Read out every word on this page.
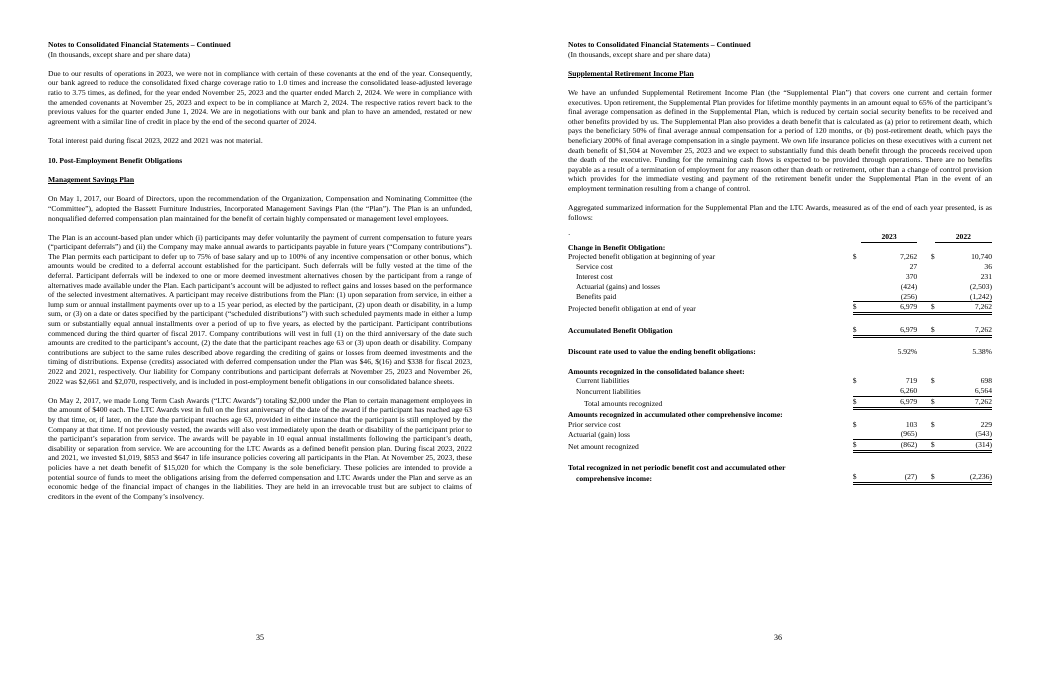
Notes to Consolidated Financial Statements – Continued
(In thousands, except share and per share data)

Due to our results of operations in 2023, we were not in compliance with certain of these covenants at the end of the year. Consequently, our bank agreed to reduce the consolidated fixed charge coverage ratio to 1.0 times and increase the consolidated lease-adjusted leverage ratio to 3.75 times, as defined, for the year ended November 25, 2023 and the quarter ended March 2, 2024. We were in compliance with the amended covenants at November 25, 2023 and expect to be in compliance at March 2, 2024. The respective ratios revert back to the previous values for the quarter ended June 1, 2024. We are in negotiations with our bank and plan to have an amended, restated or new agreement with a similar line of credit in place by the end of the second quarter of 2024.

Total interest paid during fiscal 2023, 2022 and 2021 was not material.

10. Post-Employment Benefit Obligations
Management Savings Plan

On May 1, 2017, our Board of Directors, upon the recommendation of the Organization, Compensation and Nominating Committee (the “Committee”), adopted the Bassett Furniture Industries, Incorporated Management Savings Plan (the “Plan”). The Plan is an unfunded, nonqualified deferred compensation plan maintained for the benefit of certain highly compensated or management level employees.

The Plan is an account-based plan under which (i) participants may defer voluntarily the payment of current compensation to future years (“participant deferrals”) and (ii) the Company may make annual awards to participants payable in future years (“Company contributions”). The Plan permits each participant to defer up to 75% of base salary and up to 100% of any incentive compensation or other bonus, which amounts would be credited to a deferral account established for the participant. Such deferrals will be fully vested at the time of the deferral. Participant deferrals will be indexed to one or more deemed investment alternatives chosen by the participant from a range of alternatives made available under the Plan. Each participant’s account will be adjusted to reflect gains and losses based on the performance of the selected investment alternatives. A participant may receive distributions from the Plan: (1) upon separation from service, in either a lump sum or annual installment payments over up to a 15 year period, as elected by the participant, (2) upon death or disability, in a lump sum, or (3) on a date or dates specified by the participant (“scheduled distributions”) with such scheduled payments made in either a lump sum or substantially equal annual installments over a period of up to five years, as elected by the participant. Participant contributions commenced during the third quarter of fiscal 2017. Company contributions will vest in full (1) on the third anniversary of the date such amounts are credited to the participant’s account, (2) the date that the participant reaches age 63 or (3) upon death or disability. Company contributions are subject to the same rules described above regarding the crediting of gains or losses from deemed investments and the timing of distributions. Expense (credits) associated with deferred compensation under the Plan was $46, $(16) and $338 for fiscal 2023, 2022 and 2021, respectively. Our liability for Company contributions and participant deferrals at November 25, 2023 and November 26, 2022 was $2,661 and $2,070, respectively, and is included in post-employment benefit obligations in our consolidated balance sheets.

On May 2, 2017, we made Long Term Cash Awards (“LTC Awards”) totaling $2,000 under the Plan to certain management employees in the amount of $400 each. The LTC Awards vest in full on the first anniversary of the date of the award if the participant has reached age 63 by that time, or, if later, on the date the participant reaches age 63, provided in either instance that the participant is still employed by the Company at that time. If not previously vested, the awards will also vest immediately upon the death or disability of the participant prior to the participant’s separation from service. The awards will be payable in 10 equal annual installments following the participant’s death, disability or separation from service. We are accounting for the LTC Awards as a defined benefit pension plan. During fiscal 2023, 2022 and 2021, we invested $1,019, $853 and $647 in life insurance policies covering all participants in the Plan. At November 25, 2023, these policies have a net death benefit of $15,020 for which the Company is the sole beneficiary. These policies are intended to provide a potential source of funds to meet the obligations arising from the deferred compensation and LTC Awards under the Plan and serve as an economic hedge of the financial impact of changes in the liabilities. They are held in an irrevocable trust but are subject to claims of creditors in the event of the Company’s insolvency.

35
Notes to Consolidated Financial Statements – Continued
(In thousands, except share and per share data)
Supplemental Retirement Income Plan

We have an unfunded Supplemental Retirement Income Plan (the “Supplemental Plan”) that covers one current and certain former executives. Upon retirement, the Supplemental Plan provides for lifetime monthly payments in an amount equal to 65% of the participant’s final average compensation as defined in the Supplemental Plan, which is reduced by certain social security benefits to be received and other benefits provided by us. The Supplemental Plan also provides a death benefit that is calculated as (a) prior to retirement death, which pays the beneficiary 50% of final average annual compensation for a period of 120 months, or (b) post-retirement death, which pays the beneficiary 200% of final average compensation in a single payment. We own life insurance policies on these executives with a current net death benefit of $1,504 at November 25, 2023 and we expect to substantially fund this death benefit through the proceeds received upon the death of the executive. Funding for the remaining cash flows is expected to be provided through operations. There are no benefits payable as a result of a termination of employment for any reason other than death or retirement, other than a change of control provision which provides for the immediate vesting and payment of the retirement benefit under the Supplemental Plan in the event of an employment termination resulting from a change of control.

Aggregated summarized information for the Supplemental Plan and the LTC Awards, measured as of the end of each year presented, is as follows:

`		2023		2022
Change in Benefit Obligation:				
Projected benefit obligation at beginning of year	$	7,262	$	10,740
Service cost		27		36
Interest cost		370		231
Actuarial (gains) and losses		(424)		(2,503)
Benefits paid		(256)		(1,242)
Projected benefit obligation at end of year	$	6,979	$	7,262

Accumulated Benefit Obligation	$	6,979	$	7,262

Discount rate used to value the ending benefit obligations:		5.92%		5.38%

Amounts recognized in the consolidated balance sheet:				
Current liabilities	$	719	$	698
Noncurrent liabilities		6,260		6,564
Total amounts recognized	$	6,979	$	7,262
Amounts recognized in accumulated other comprehensive income:				
Prior service cost	$	103	$	229
Actuarial (gain) loss		(965)		(543)
Net amount recognized	$	(862)	$	(314)

Total recognized in net periodic benefit cost and accumulated other				
comprehensive income:	$	(27)	$	(2,236)
36
